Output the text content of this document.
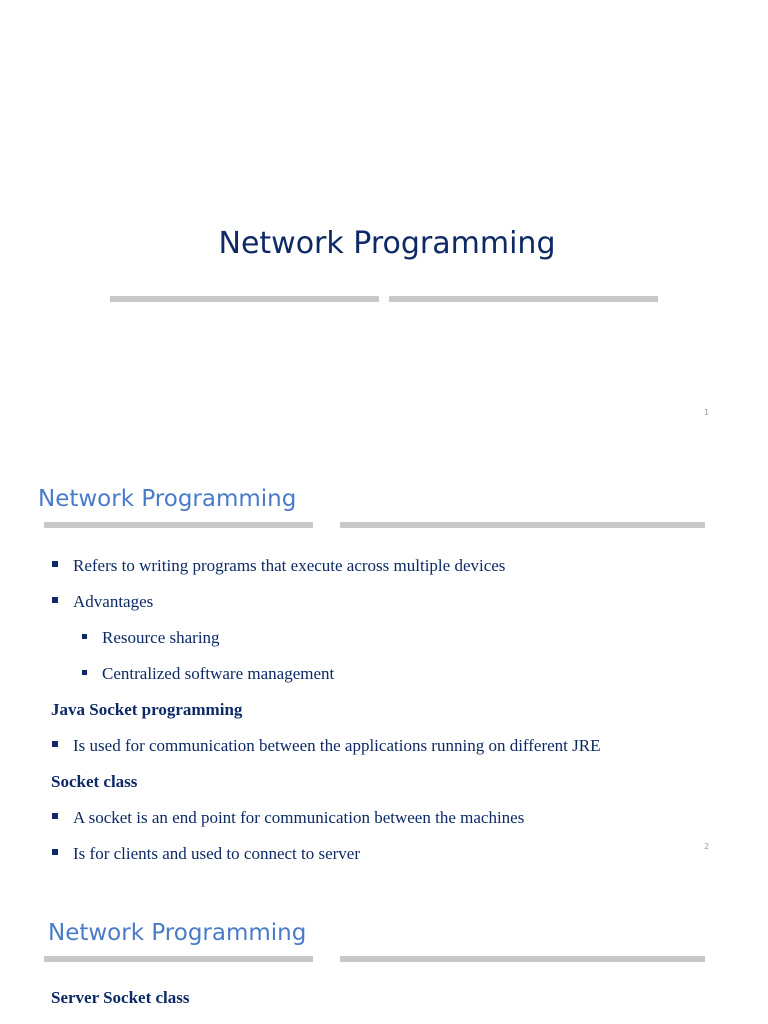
Network Programming
1
Network Programming
Refers to writing programs that execute across multiple devices
Advantages
Resource sharing
Centralized software management
Java Socket programming
Is used for communication between the applications running on different JRE
Socket class
A socket is an end point for communication between the machines
Is for clients and used to connect to server	2
Network Programming
Server Socket class
